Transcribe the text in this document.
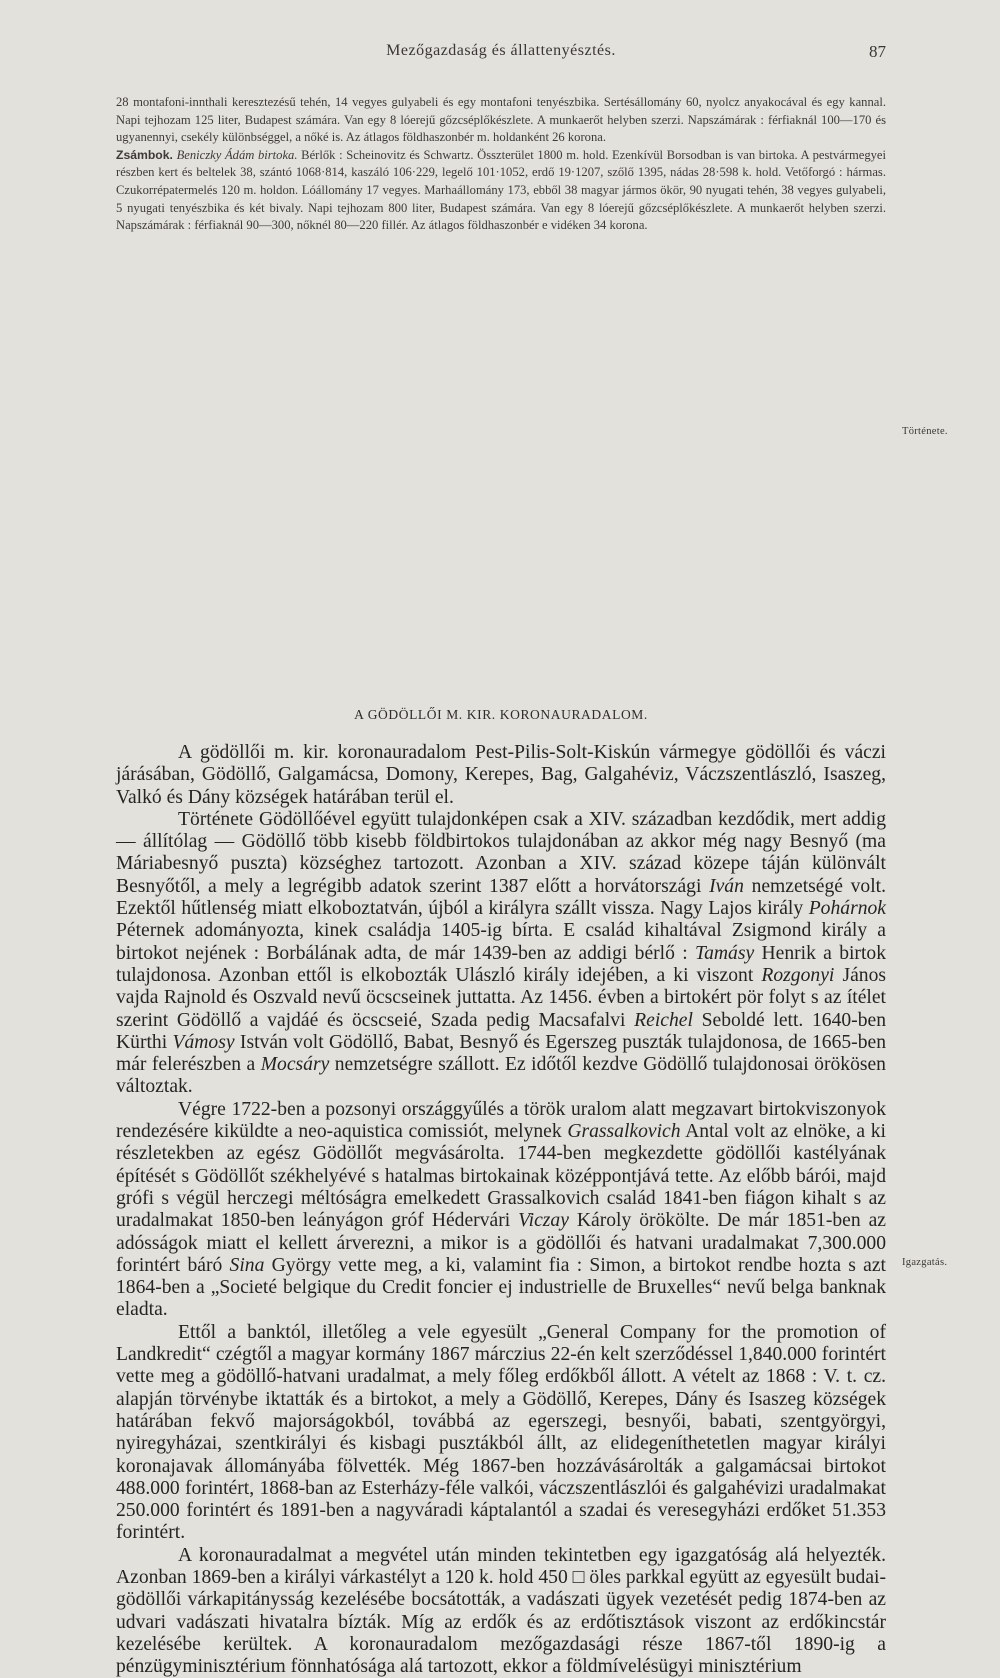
Mezőgazdaság és állattenyésztés.	87

28 montafoni-innthali keresztezésű tehén, 14 vegyes gulyabeli és egy montafoni tenyészbika. Sertésállomány 60, nyolcz anyakocával és egy kannal. Napi tejhozam 125 liter, Budapest számára. Van egy 8 lóerejű gőzcséplőkészlete. A munkaerőt helyben szerzi. Napszámárak : férfiaknál 100—170 és ugyanennyi, csekély különbséggel, a nőké is. Az átlagos földhaszonbér m. holdanként 26 korona.

Zsámbok. Beniczky Ádám birtoka. Bérlők : Scheinovitz és Schwartz. Összterület 1800 m. hold. Ezenkívül Borsodban is van birtoka. A pestvármegyei részben kert és beltelek 38, szántó 1068·814, kaszáló 106·229, legelő 101·1052, erdő 19·1207, szőlő 1395, nádas 28·598 k. hold. Vetőforgó : hármas. Czukorrépatermelés 120 m. holdon. Lóállomány 17 vegyes. Marhaállomány 173, ebből 38 magyar jármos ökör, 90 nyugati tehén, 38 vegyes gulyabeli, 5 nyugati tenyészbika és két bivaly. Napi tejhozam 800 liter, Budapest számára. Van egy 8 lóerejű gőzcséplőkészlete. A munkaerőt helyben szerzi. Napszámárak : férfiaknál 90—300, nőknél 80—220 fillér. Az átlagos földhaszonbér e vidéken 34 korona.

A GÖDÖLLŐI M. KIR. KORONAURADALOM.
Története.
Igazgatás.

A gödöllői m. kir. koronauradalom Pest-Pilis-Solt-Kiskún vármegye gödöllői és váczi járásában, Gödöllő, Galgamácsa, Domony, Kerepes, Bag, Galgahéviz, Váczszentlászló, Isaszeg, Valkó és Dány községek határában terül el.

Története Gödöllőével együtt tulajdonképen csak a XIV. században kezdődik, mert addig — állítólag — Gödöllő több kisebb földbirtokos tulajdonában az akkor még nagy Besnyő (ma Máriabesnyő puszta) községhez tartozott. Azonban a XIV. század közepe táján különvált Besnyőtől, a mely a legrégibb adatok szerint 1387 előtt a horvátországi Iván nemzetségé volt. Ezektől hűtlenség miatt elkoboztatván, újból a királyra szállt vissza. Nagy Lajos király Pohárnok Péternek adományozta, kinek családja 1405-ig bírta. E család kihaltával Zsigmond király a birtokot nejének : Borbálának adta, de már 1439-ben az addigi bérlő : Tamásy Henrik a birtok tulajdonosa. Azonban ettől is elkobozták Ulászló király idejében, a ki viszont Rozgonyi János vajda Rajnold és Oszvald nevű öcscseinek juttatta. Az 1456. évben a birtokért pör folyt s az ítélet szerint Gödöllő a vajdáé és öcscseié, Szada pedig Macsafalvi Reichel Seboldé lett. 1640-ben Kürthi Vámosy István volt Gödöllő, Babat, Besnyő és Egerszeg puszták tulajdonosa, de 1665-ben már felerészben a Mocsáry nemzetségre szállott. Ez időtől kezdve Gödöllő tulajdonosai örökösen változtak.

Végre 1722-ben a pozsonyi országgyűlés a török uralom alatt megzavart birtokviszonyok rendezésére kiküldte a neo-aquistica comissiót, melynek Grassalkovich Antal volt az elnöke, a ki részletekben az egész Gödöllőt megvásárolta. 1744-ben megkezdette gödöllői kastélyának építését s Gödöllőt székhelyévé s hatalmas birtokainak középpontjává tette. Az előbb bárói, majd grófi s végül herczegi méltóságra emelkedett Grassalkovich család 1841-ben fiágon kihalt s az uradalmakat 1850-ben leányágon gróf Hédervári Viczay Károly örökölte. De már 1851-ben az adósságok miatt el kellett árverezni, a mikor is a gödöllői és hatvani uradalmakat 7,300.000 forintért báró Sina György vette meg, a ki, valamint fia : Simon, a birtokot rendbe hozta s azt 1864-ben a „Societé belgique du Credit foncier ej industrielle de Bruxelles“ nevű belga banknak eladta.

Ettől a banktól, illetőleg a vele egyesült „General Company for the promotion of Landkredit“ czégtől a magyar kormány 1867 márczius 22-én kelt szerződéssel 1,840.000 forintért vette meg a gödöllő-hatvani uradalmat, a mely főleg erdőkből állott. A vételt az 1868 : V. t. cz. alapján törvénybe iktatták és a birtokot, a mely a Gödöllő, Kerepes, Dány és Isaszeg községek határában fekvő majorságokból, továbbá az egerszegi, besnyői, babati, szentgyörgyi, nyiregyházai, szentkirályi és kisbagi pusztákból állt, az elidegeníthetetlen magyar királyi koronajavak állományába fölvették. Még 1867-ben hozzávásárolták a galgamácsai birtokot 488.000 forintért, 1868-ban az Esterházy-féle valkói, váczszentlászlói és galgahévizi uradalmakat 250.000 forintért és 1891-ben a nagyváradi káptalantól a szadai és veresegyházi erdőket 51.353 forintért.

A koronauradalmat a megvétel után minden tekintetben egy igazgatóság alá helyezték. Azonban 1869-ben a királyi várkastélyt a 120 k. hold 450 □ öles parkkal együtt az egyesült budai-gödöllői várkapitánysság kezelésébe bocsátották, a vadászati ügyek vezetését pedig 1874-ben az udvari vadászati hivatalra bízták. Míg az erdők és az erdőtisztások viszont az erdőkincstár kezelésébe kerültek. A koronauradalom mezőgazdasági része 1867-től 1890-ig a pénzügyminisztérium fönnhatósága alá tartozott, ekkor a földmívelésügyi minisztérium
